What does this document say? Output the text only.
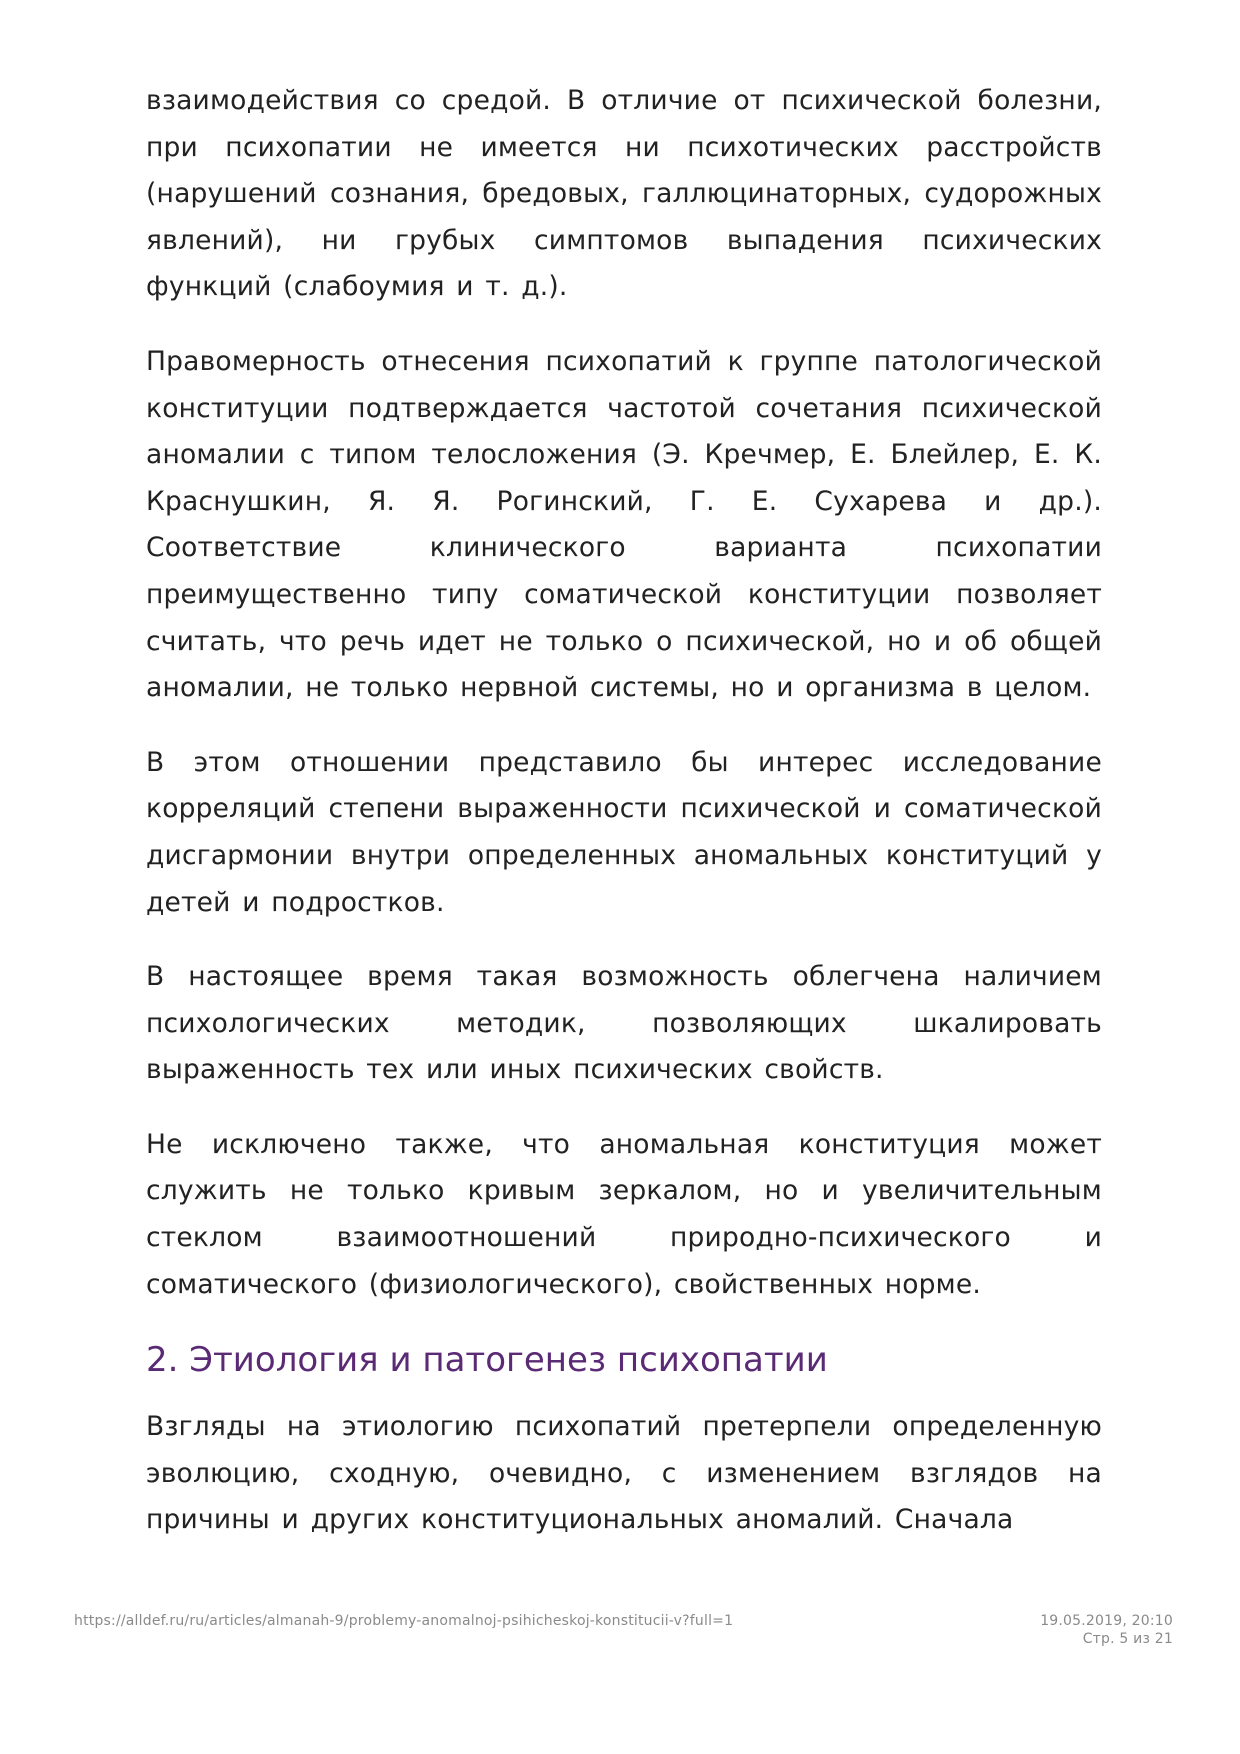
взаимодействия со средой. В отличие от психической болезни, при психопатии не имеется ни психотических расстройств (нарушений сознания, бредовых, галлюцинаторных, судорожных явлений), ни грубых симптомов выпадения психических функций (слабоумия и т. д.).

Правомерность отнесения психопатий к группе патологической конституции подтверждается частотой сочетания психической аномалии с типом телосложения (Э. Кречмер, Е. Блейлер, Е. К. Краснушкин, Я. Я. Рогинский, Г. Е. Сухарева и др.). Соответствие клинического варианта психопатии преимущественно типу соматической конституции позволяет считать, что речь идет не только о психической, но и об общей аномалии, не только нервной системы, но и организма в целом.

В этом отношении представило бы интерес исследование корреляций степени выраженности психической и соматической дисгармонии внутри определенных аномальных конституций у детей и подростков.

В настоящее время такая возможность облегчена наличием психологических методик, позволяющих шкалировать выраженность тех или иных психических свойств.

Не исключено также, что аномальная конституция может служить не только кривым зеркалом, но и увеличительным стеклом взаимоотношений природно-психического и соматического (физиологического), свойственных норме.

2. Этиология и патогенез психопатии

Взгляды на этиологию психопатий претерпели определенную эволюцию, сходную, очевидно, с изменением взглядов на причины и других конституциональных аномалий. Сначала

https://alldef.ru/ru/articles/almanah-9/problemy-anomalnoj-psihicheskoj-konstitucii-v?full=1	19.05.2019, 20:10
Стр. 5 из 21
